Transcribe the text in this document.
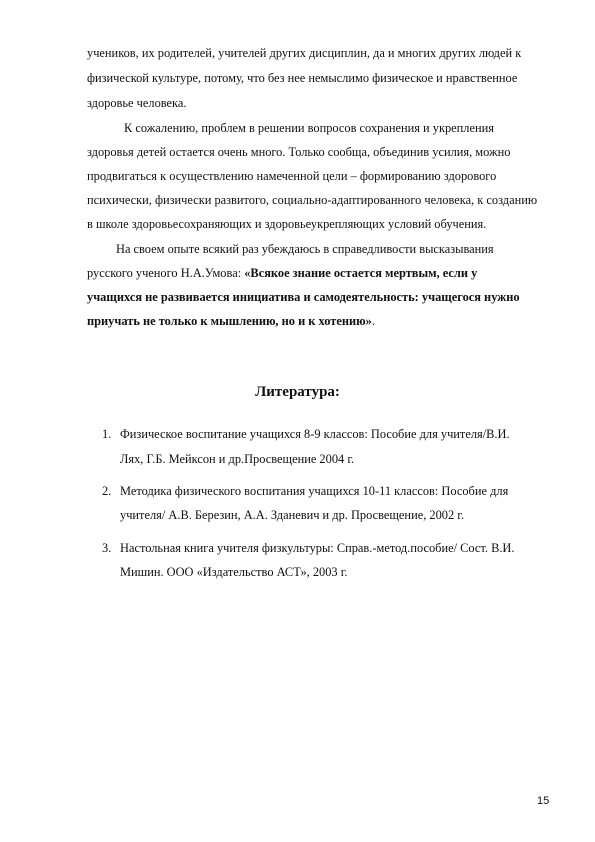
учеников, их родителей, учителей других дисциплин, да и многих других людей к
физической культуре, потому, что без нее немыслимо физическое и нравственное
здоровье человека.
К сожалению, проблем в решении вопросов сохранения и укрепления
здоровья детей остается очень много. Только сообща, объединив усилия, можно
продвигаться к осуществлению намеченной цели – формированию здорового
психически, физически развитого, социально-адаптированного человека, к созданию
в школе здоровьесохраняющих и здоровьеукрепляющих условий обучения.
На своем опыте всякий раз убеждаюсь в справедливости высказывания
русского ученого Н.А.Умова: «Всякое знание остается мертвым, если у
учащихся не развивается инициатива и самодеятельность: учащегося нужно
приучать не только к мышлению, но и к хотению».
Литература:
1. Физическое воспитание учащихся 8-9 классов: Пособие для учителя/В.И.
Лях, Г.Б. Мейксон и др.Просвещение 2004 г.
2. Методика физического воспитания учащихся 10-11 классов: Пособие для
учителя/ А.В. Березин, А.А. Зданевич и др. Просвещение, 2002 г.
3. Настольная книга учителя физкультуры: Справ.-метод.пособие/ Сост. В.И.
Мишин. ООО «Издательство АСТ», 2003 г.
15
